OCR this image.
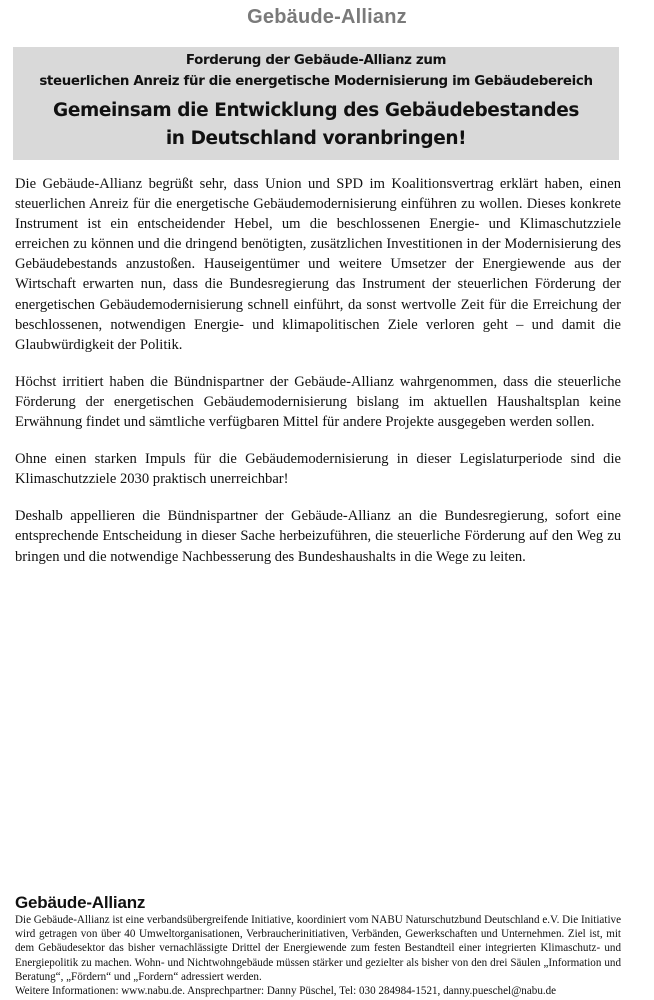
Gebäude-Allianz
Forderung der Gebäude-Allianz zum
steuerlichen Anreiz für die energetische Modernisierung im Gebäudebereich
Gemeinsam die Entwicklung des Gebäudebestandes
in Deutschland voranbringen!

Die Gebäude-Allianz begrüßt sehr, dass Union und SPD im Koalitionsvertrag erklärt haben, einen steuerlichen Anreiz für die energetische Gebäudemodernisierung einführen zu wollen. Dieses konkrete Instrument ist ein entscheidender Hebel, um die beschlossenen Energie- und Klimaschutzziele erreichen zu können und die dringend benötigten, zusätzlichen Investitionen in der Modernisierung des Gebäudebestands anzustoßen. Hauseigentümer und weitere Umsetzer der Energiewende aus der Wirtschaft erwarten nun, dass die Bundesregierung das Instrument der steuerlichen Förderung der energetischen Gebäudemodernisierung schnell einführt, da sonst wertvolle Zeit für die Erreichung der beschlossenen, notwendigen Energie- und klimapolitischen Ziele verloren geht – und damit die Glaubwürdigkeit der Politik.

Höchst irritiert haben die Bündnispartner der Gebäude-Allianz wahrgenommen, dass die steuerliche Förderung der energetischen Gebäudemodernisierung bislang im aktuellen Haushaltsplan keine Erwähnung findet und sämtliche verfügbaren Mittel für andere Projekte ausgegeben werden sollen.

Ohne einen starken Impuls für die Gebäudemodernisierung in dieser Legislaturperiode sind die Klimaschutzziele 2030 praktisch unerreichbar!

Deshalb appellieren die Bündnispartner der Gebäude-Allianz an die Bundesregierung, sofort eine entsprechende Entscheidung in dieser Sache herbeizuführen, die steuerliche Förderung auf den Weg zu bringen und die notwendige Nachbesserung des Bundeshaushalts in die Wege zu leiten.

Gebäude-Allianz

Die Gebäude-Allianz ist eine verbandsübergreifende Initiative, koordiniert vom NABU Naturschutzbund Deutschland e.V. Die Initiative wird getragen von über 40 Umweltorganisationen, Verbraucherinitiativen, Verbänden, Gewerkschaften und Unternehmen. Ziel ist, mit dem Gebäudesektor das bisher vernachlässigte Drittel der Energiewende zum festen Bestandteil einer integrierten Klimaschutz- und Energiepolitik zu machen. Wohn- und Nichtwohngebäude müssen stärker und gezielter als bisher von den drei Säulen „Information und Beratung“, „Fördern“ und „Fordern“ adressiert werden.

Weitere Informationen: www.nabu.de. Ansprechpartner: Danny Püschel, Tel: 030 284984-1521, danny.pueschel@nabu.de
